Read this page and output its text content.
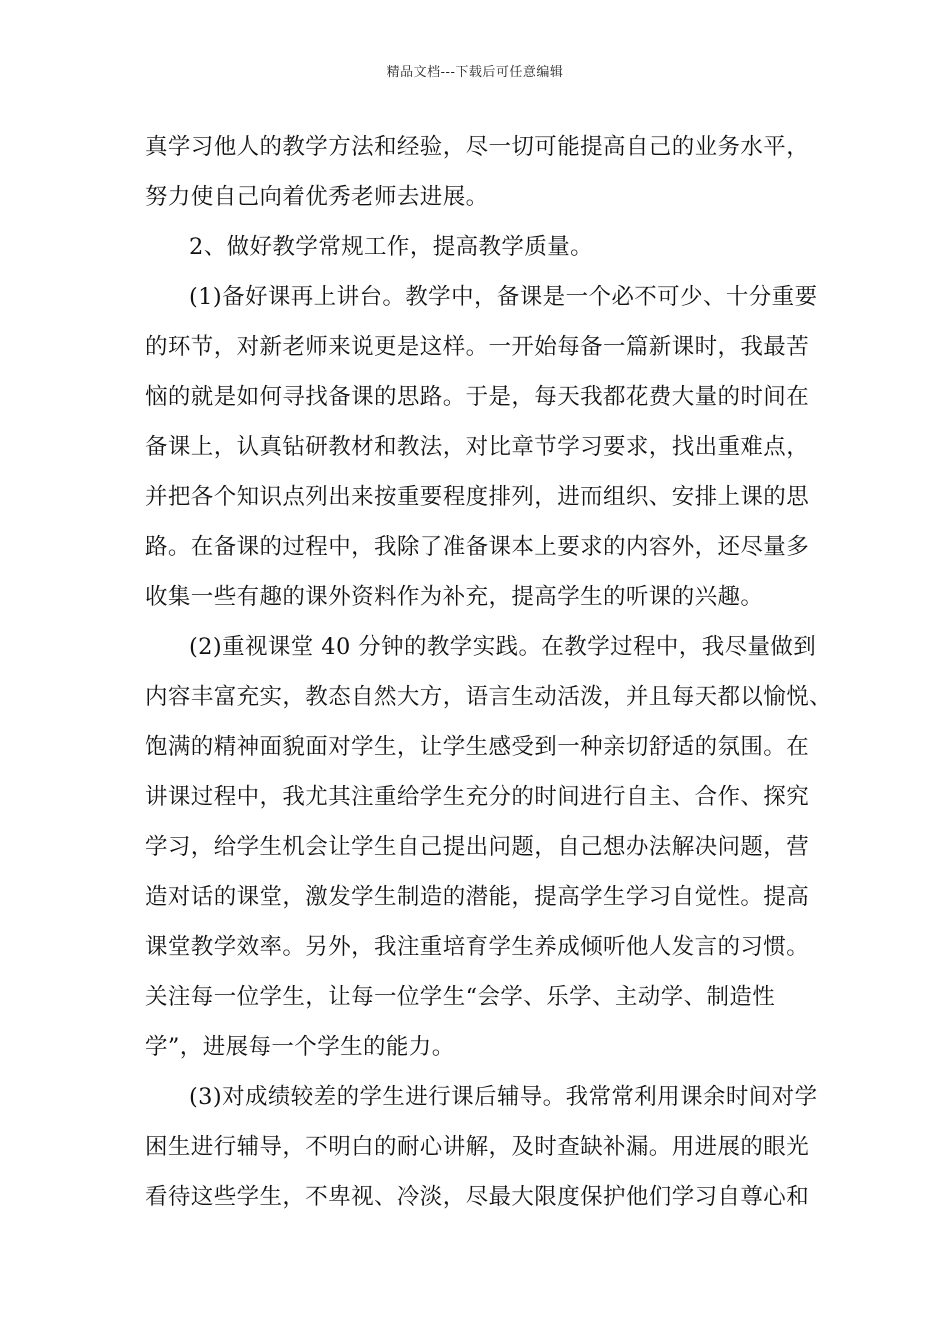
精品文档---下载后可任意编辑
真学习他人的教学方法和经验，尽一切可能提高自己的业务水平，
努力使自己向着优秀老师去进展。
2、做好教学常规工作，提高教学质量。
(1)备好课再上讲台。教学中，备课是一个必不可少、十分重要
的环节，对新老师来说更是这样。一开始每备一篇新课时，我最苦
恼的就是如何寻找备课的思路。于是，每天我都花费大量的时间在
备课上，认真钻研教材和教法，对比章节学习要求，找出重难点，
并把各个知识点列出来按重要程度排列，进而组织、安排上课的思
路。在备课的过程中，我除了准备课本上要求的内容外，还尽量多
收集一些有趣的课外资料作为补充，提高学生的听课的兴趣。
(2)重视课堂 40 分钟的教学实践。在教学过程中，我尽量做到
内容丰富充实，教态自然大方，语言生动活泼，并且每天都以愉悦、
饱满的精神面貌面对学生，让学生感受到一种亲切舒适的氛围。在
讲课过程中，我尤其注重给学生充分的时间进行自主、合作、探究
学习，给学生机会让学生自己提出问题，自己想办法解决问题，营
造对话的课堂，激发学生制造的潜能，提高学生学习自觉性。提高
课堂教学效率。另外，我注重培育学生养成倾听他人发言的习惯。
关注每一位学生，让每一位学生“会学、乐学、主动学、制造性
学”，进展每一个学生的能力。
(3)对成绩较差的学生进行课后辅导。我常常利用课余时间对学
困生进行辅导，不明白的耐心讲解，及时查缺补漏。用进展的眼光
看待这些学生，不卑视、冷淡，尽最大限度保护他们学习自尊心和
